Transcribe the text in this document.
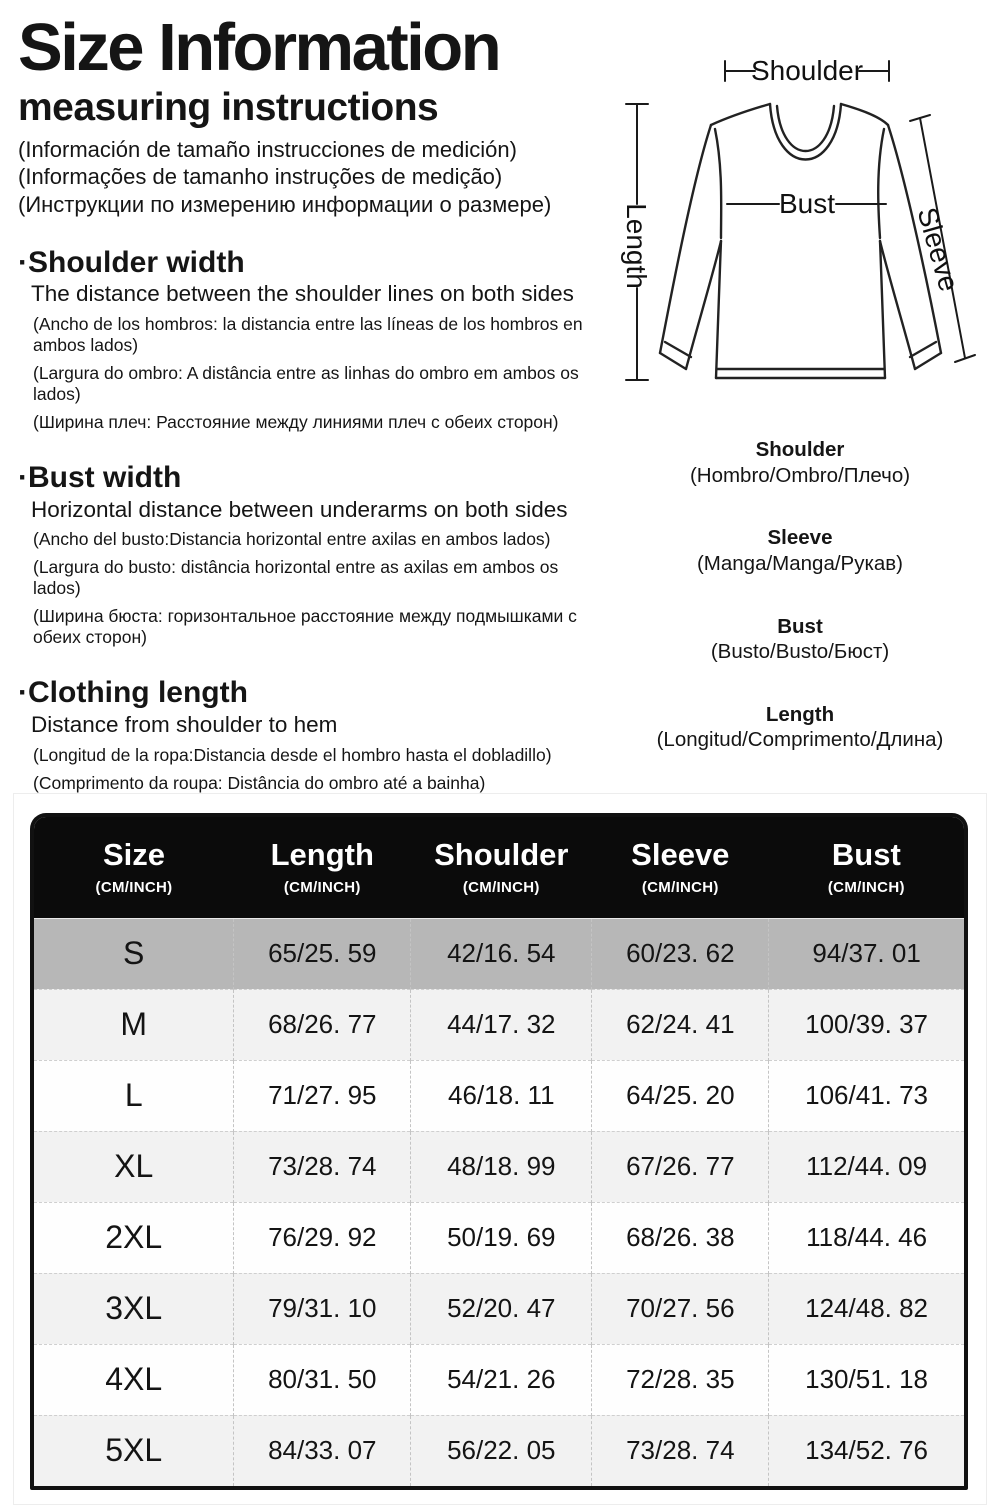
Size Information
measuring instructions

(Información de tamaño instrucciones de medición)

(Informações de tamanho instruções de medição)

(Инструкции по измерению информации о размере)

·Shoulder width
The distance between the shoulder lines on both sides

(Ancho de los hombros: la distancia entre las líneas de los hombros en ambos lados)

(Largura do ombro: A distância entre as linhas do ombro em ambos os lados)

(Ширина плеч: Расстояние между линиями плеч с обеих сторон)

·Bust width
Horizontal distance between underarms on both sides

(Ancho del busto:Distancia horizontal entre axilas en ambos lados)

(Largura do busto: distância horizontal entre as axilas em ambos os lados)

(Ширина бюста: горизонтальное расстояние между подмышками с обеих сторон)

·Clothing length
Distance from shoulder to hem

(Longitud de la ropa:Distancia desde el hombro hasta el dobladillo)

(Comprimento da roupa: Distância do ombro até a bainha)

Shoulder
Length	Bust
Sleeve
Shoulder
(Hombro/Ombro/Плечо)
Sleeve
(Manga/Manga/Рукав)
Bust
(Busto/Busto/Бюст)
Length
(Longitud/Comprimento/Длина)
Size
(CM/INCH)

Length
(CM/INCH)

Shoulder
(CM/INCH)

Sleeve
(CM/INCH)

Bust
(CM/INCH)

S	65/25. 59	42/16. 54	60/23. 62	94/37. 01
M	68/26. 77	44/17. 32	62/24. 41	100/39. 37
L	71/27. 95	46/18. 11	64/25. 20	106/41. 73
XL	73/28. 74	48/18. 99	67/26. 77	112/44. 09
2XL	76/29. 92	50/19. 69	68/26. 38	118/44. 46
3XL	79/31. 10	52/20. 47	70/27. 56	124/48. 82
4XL	80/31. 50	54/21. 26	72/28. 35	130/51. 18
5XL	84/33. 07	56/22. 05	73/28. 74	134/52. 76
